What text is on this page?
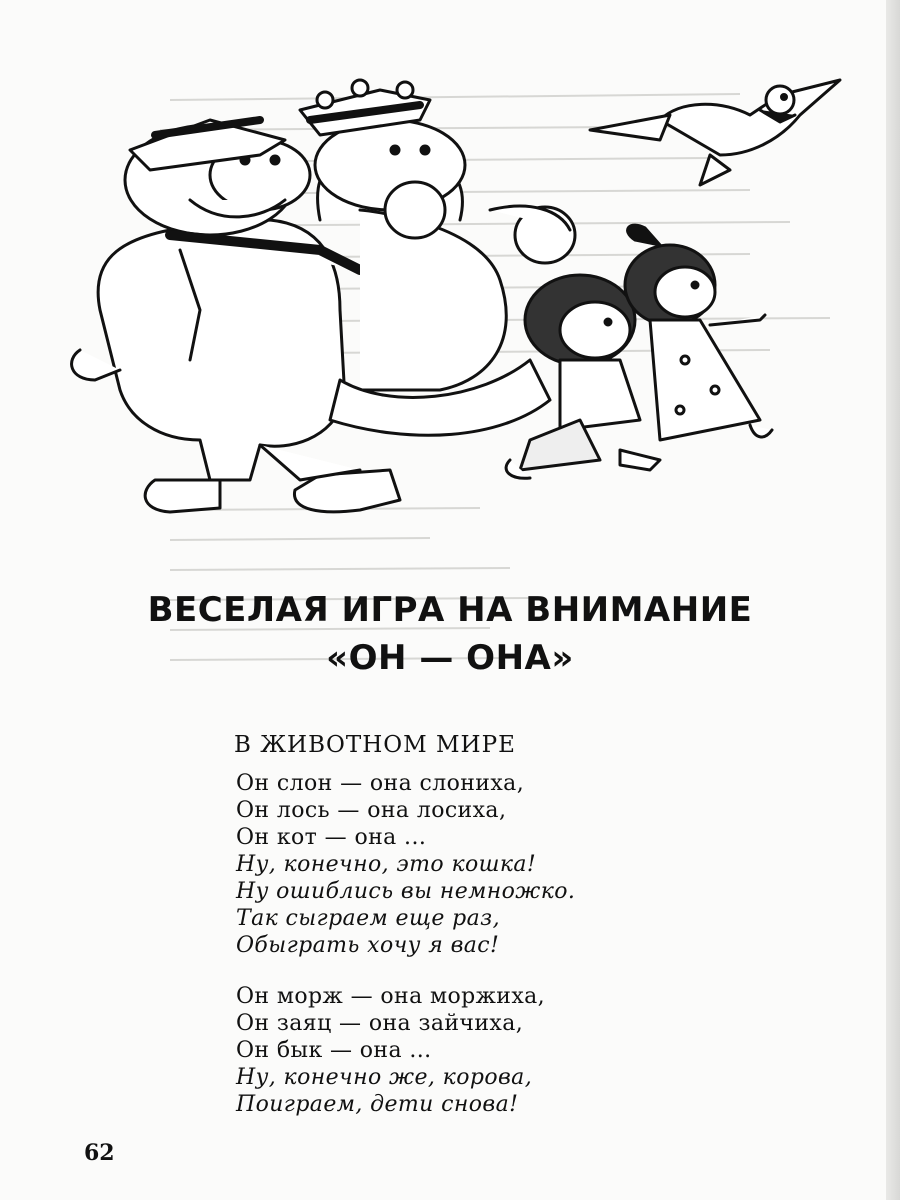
ВЕСЕЛАЯ ИГРА НА ВНИМАНИЕ
«ОН — ОНА»
В ЖИВОТНОМ МИРЕ
Он слон — она слониха,
Он лось — она лосиха,
Он кот — она ...
Ну, конечно, это кошка!
Ну ошиблись вы немножко.
Так сыграем еще раз,
Обыграть хочу я вас!
Он морж — она моржиха,
Он заяц — она зайчиха,
Он бык — она ...
Ну, конечно же, корова,
Поиграем, дети снова!
62
